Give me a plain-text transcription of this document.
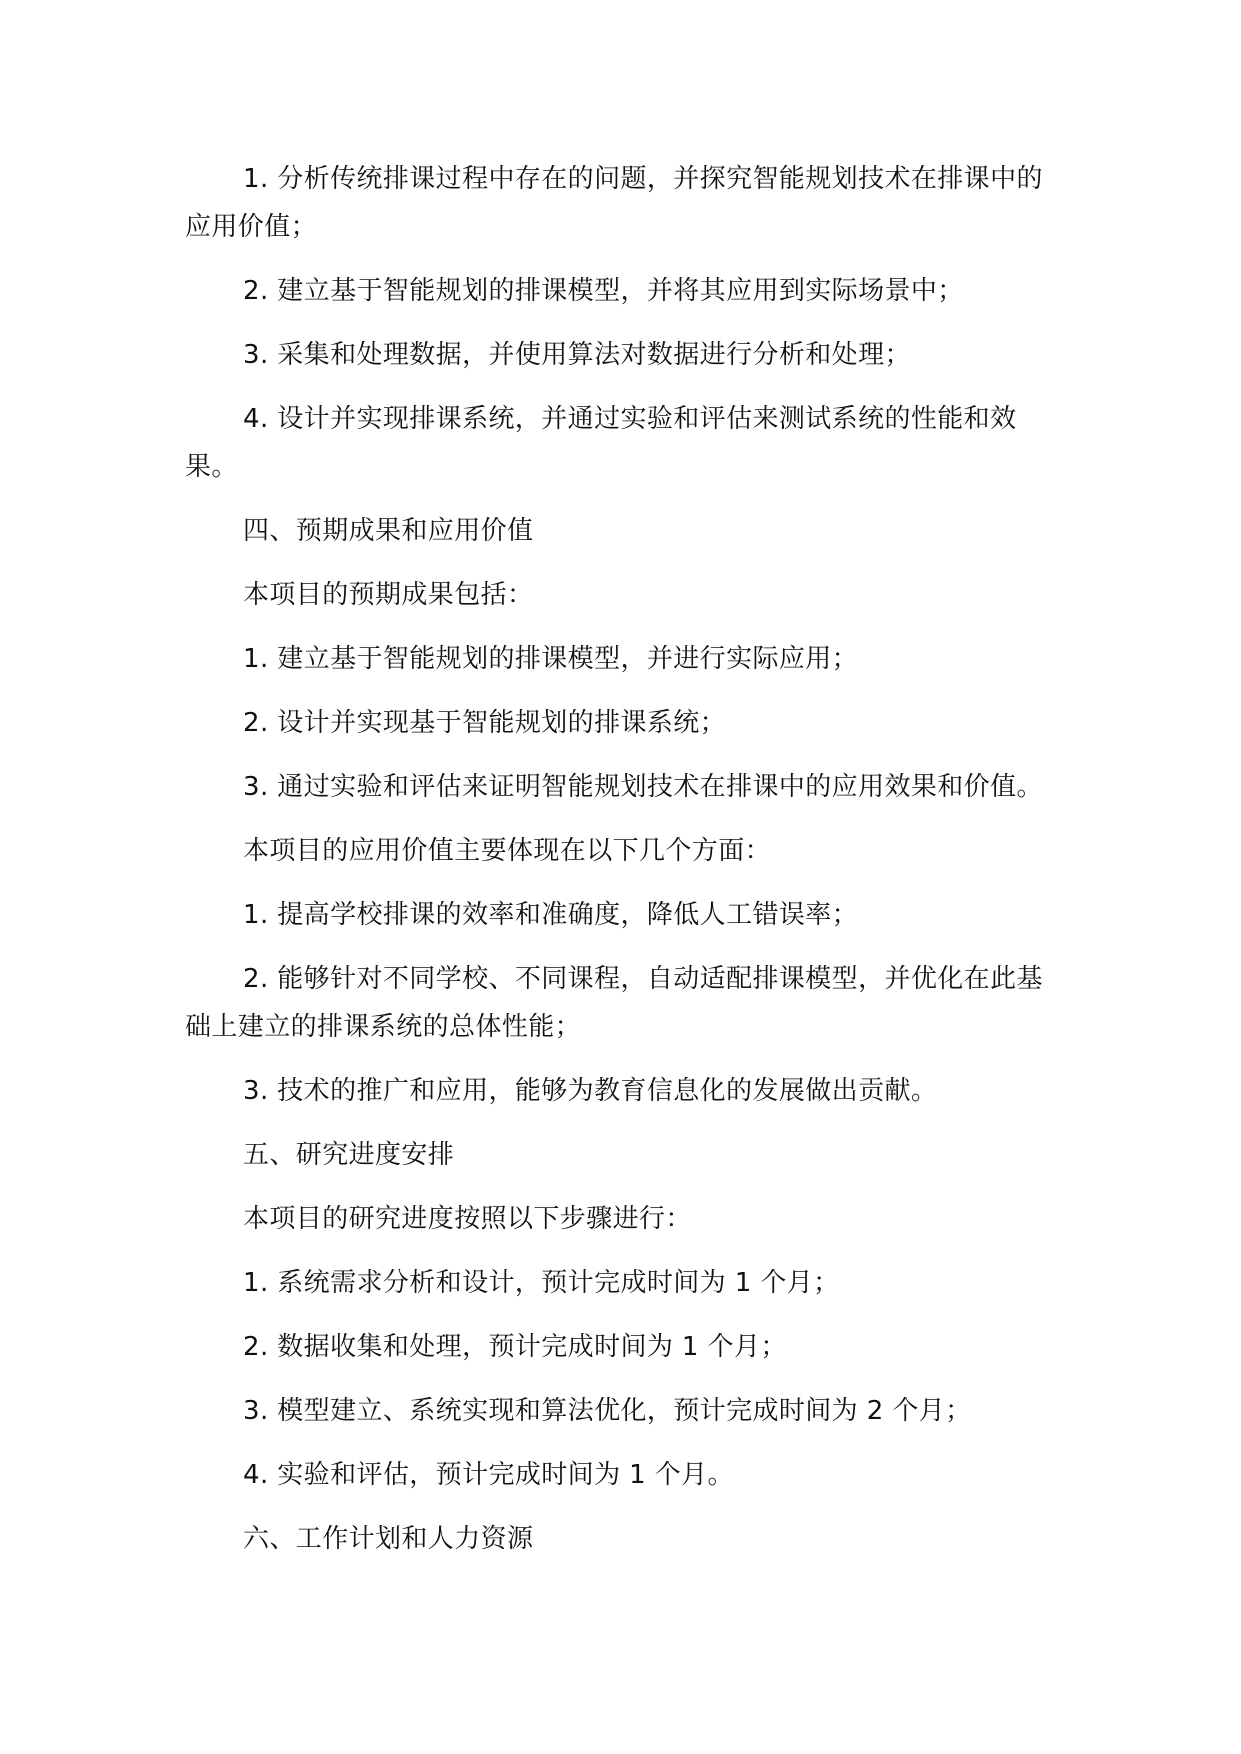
1. 分析传统排课过程中存在的问题，并探究智能规划技术在排课中的应用价值；

2. 建立基于智能规划的排课模型，并将其应用到实际场景中；

3. 采集和处理数据，并使用算法对数据进行分析和处理；

4. 设计并实现排课系统，并通过实验和评估来测试系统的性能和效果。

四、预期成果和应用价值

本项目的预期成果包括：

1. 建立基于智能规划的排课模型，并进行实际应用；

2. 设计并实现基于智能规划的排课系统；

3. 通过实验和评估来证明智能规划技术在排课中的应用效果和价值。

本项目的应用价值主要体现在以下几个方面：

1. 提高学校排课的效率和准确度，降低人工错误率；

2. 能够针对不同学校、不同课程，自动适配排课模型，并优化在此基础上建立的排课系统的总体性能；

3. 技术的推广和应用，能够为教育信息化的发展做出贡献。

五、研究进度安排

本项目的研究进度按照以下步骤进行：

1. 系统需求分析和设计，预计完成时间为 1 个月；

2. 数据收集和处理，预计完成时间为 1 个月；

3. 模型建立、系统实现和算法优化，预计完成时间为 2 个月；

4. 实验和评估，预计完成时间为 1 个月。

六、工作计划和人力资源
